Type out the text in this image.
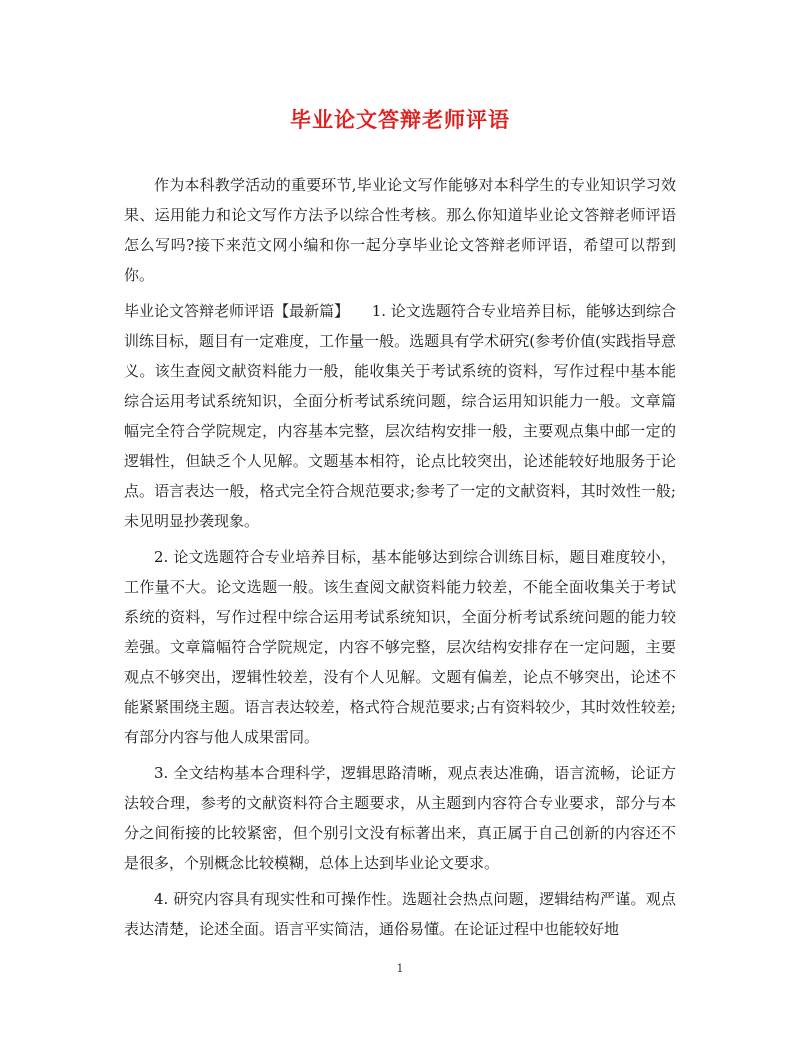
毕业论文答辩老师评语

作为本科教学活动的重要环节,毕业论文写作能够对本科学生的专业知识学习效果、运用能力和论文写作方法予以综合性考核。那么你知道毕业论文答辩老师评语怎么写吗?接下来范文网小编和你一起分享毕业论文答辩老师评语，希望可以帮到你。

毕业论文答辩老师评语【最新篇】　　1. 论文选题符合专业培养目标，能够达到综合训练目标，题目有一定难度，工作量一般。选题具有学术研究(参考价值(实践指导意义。该生查阅文献资料能力一般，能收集关于考试系统的资料，写作过程中基本能综合运用考试系统知识，全面分析考试系统问题，综合运用知识能力一般。文章篇幅完全符合学院规定，内容基本完整，层次结构安排一般，主要观点集中邮一定的逻辑性，但缺乏个人见解。文题基本相符，论点比较突出，论述能较好地服务于论点。语言表达一般，格式完全符合规范要求;参考了一定的文献资料，其时效性一般;未见明显抄袭现象。

2. 论文选题符合专业培养目标，基本能够达到综合训练目标，题目难度较小，工作量不大。论文选题一般。该生查阅文献资料能力较差，不能全面收集关于考试系统的资料，写作过程中综合运用考试系统知识，全面分析考试系统问题的能力较差强。文章篇幅符合学院规定，内容不够完整，层次结构安排存在一定问题，主要观点不够突出，逻辑性较差，没有个人见解。文题有偏差，论点不够突出，论述不能紧紧围绕主题。语言表达较差，格式符合规范要求;占有资料较少，其时效性较差;有部分内容与他人成果雷同。

3. 全文结构基本合理科学，逻辑思路清晰，观点表达准确，语言流畅，论证方法较合理，参考的文献资料符合主题要求，从主题到内容符合专业要求，部分与本分之间衔接的比较紧密，但个别引文没有标著出来，真正属于自己创新的内容还不是很多，个别概念比较模糊，总体上达到毕业论文要求。

4. 研究内容具有现实性和可操作性。选题社会热点问题，逻辑结构严谨。观点表达清楚，论述全面。语言平实简洁，通俗易懂。在论证过程中也能较好地

1
